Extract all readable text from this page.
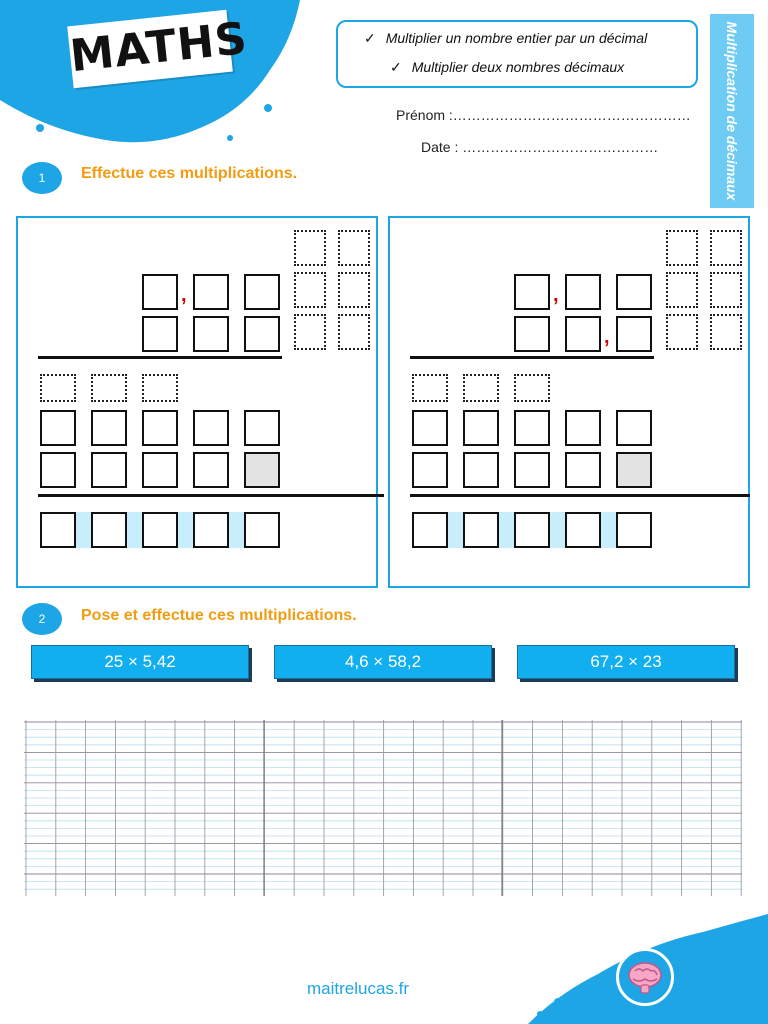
MATHS	✓ Multiplier un nombre entier par un décimal
✓ Multiplier deux nombres décimaux
Prénom :……………………………………………
Date : ……………………………………	Multiplication de décimaux
1	Effectue ces multiplications.
,	,
,
2	Pose et effectue ces multiplications.
25 × 5,42	4,6 × 58,2	67,2 × 23
maitrelucas.fr
MAÎTRE
LUCAS
